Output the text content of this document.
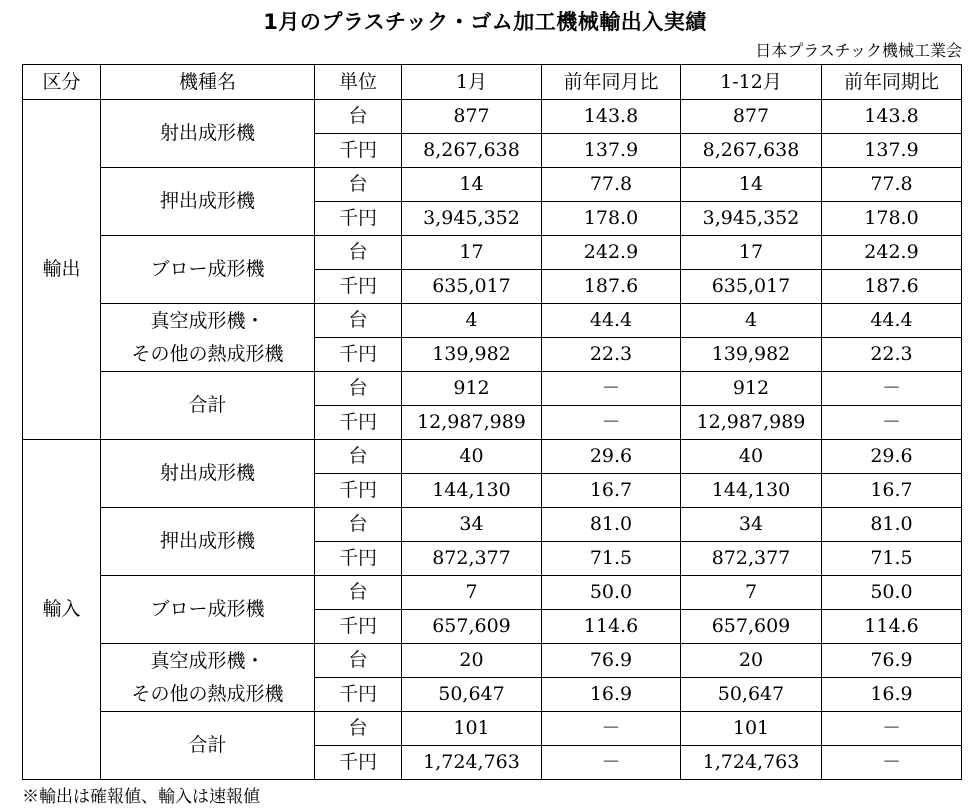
1月のプラスチック・ゴム加工機械輸出入実績
日本プラスチック機械工業会
区分	機種名	単位	1月	前年同月比	1-12月	前年同期比
輸出	射出成形機	台	877	143.8	877	143.8
		千円	8,267,638	137.9	8,267,638	137.9

	押出成形機	台	14	77.8	14	77.8
		千円	3,945,352	178.0	3,945,352	178.0

	ブロー成形機	台	17	242.9	17	242.9
		千円	635,017	187.6	635,017	187.6

	真空成形機・
その他の熱成形機	台	4	44.4	4	44.4
		千円	139,982	22.3	139,982	22.3

	合計	台	912	－	912	－
		千円	12,987,989	－	12,987,989	－
輸入	射出成形機	台	40	29.6	40	29.6
		千円	144,130	16.7	144,130	16.7

	押出成形機	台	34	81.0	34	81.0
		千円	872,377	71.5	872,377	71.5

	ブロー成形機	台	7	50.0	7	50.0
		千円	657,609	114.6	657,609	114.6

	真空成形機・
その他の熱成形機	台	20	76.9	20	76.9
		千円	50,647	16.9	50,647	16.9

	合計	台	101	－	101	－
		千円	1,724,763	－	1,724,763	－
※輸出は確報値、輸入は速報値
